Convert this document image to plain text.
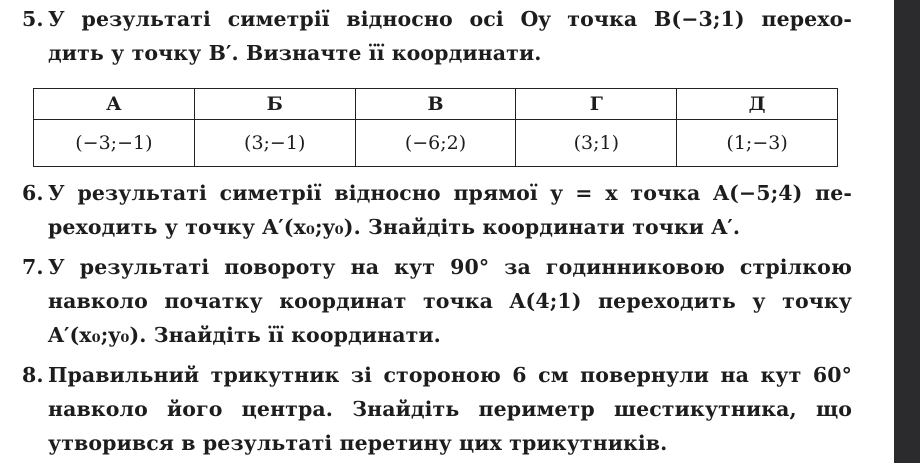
5. У результаті симетрії відносно осі Oy точка B(−3;1) перехо-
дить у точку B′. Визначте її координати.
А	Б	В	Г	Д
(−3;−1)	(3;−1)	(−6;2)	(3;1)	(1;−3)
6. У результаті симетрії відносно прямої y = x точка A(−5;4) пе-
реходить у точку A′(x₀;y₀). Знайдіть координати точки A′.
7. У результаті повороту на кут 90° за годинниковою стрілкою
навколо початку координат точка A(4;1) переходить у точку
A′(x₀;y₀). Знайдіть її координати.
8. Правильний трикутник зі стороною 6 см повернули на кут 60°
навколо його центра. Знайдіть периметр шестикутника, що
утворився в результаті перетину цих трикутників.
